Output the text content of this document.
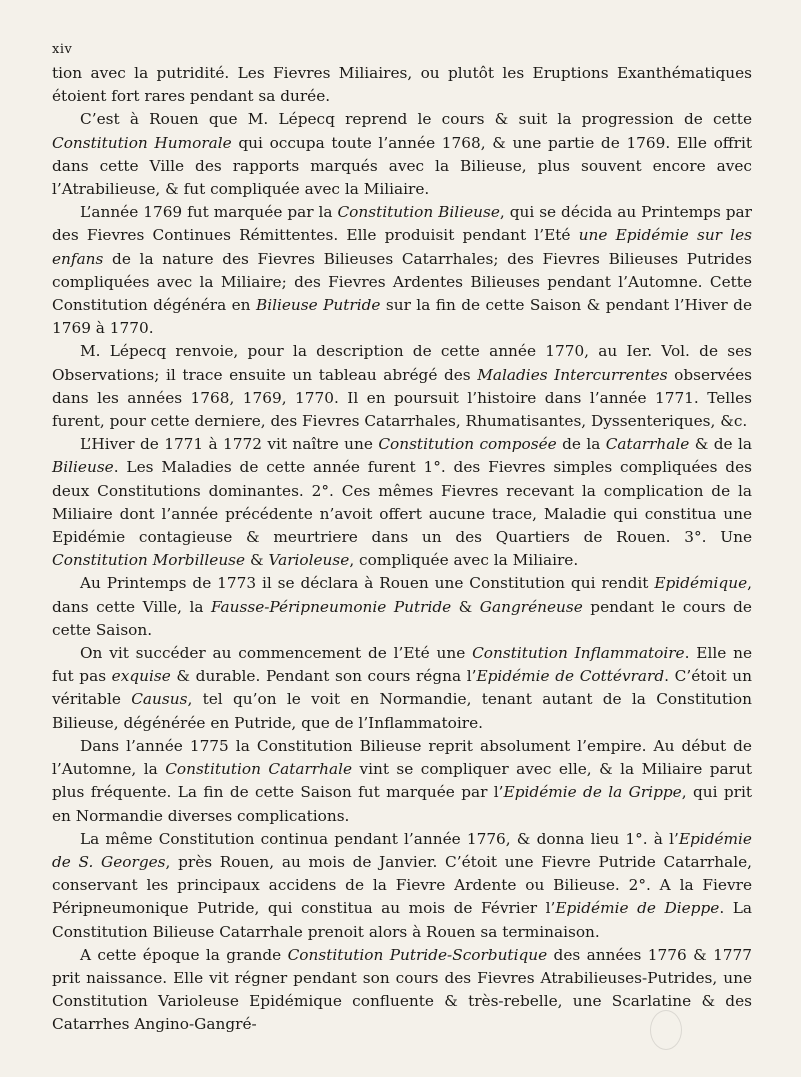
xiv

tion avec la putridité. Les Fievres Miliaires, ou plutôt les Eruptions Exanthématiques étoient fort rares pendant sa durée.

C’est à Rouen que M. Lépecq reprend le cours & suit la progression de cette Constitution Humorale qui occupa toute l’année 1768, & une partie de 1769. Elle offrit dans cette Ville des rapports marqués avec la Bilieuse, plus souvent encore avec l’Atrabilieuse, & fut compliquée avec la Miliaire.

L’année 1769 fut marquée par la Constitution Bilieuse, qui se décida au Printemps par des Fievres Continues Rémittentes. Elle produisit pendant l’Eté une Epidémie sur les enfans de la nature des Fievres Bilieuses Catarrhales; des Fievres Bilieuses Putrides compliquées avec la Miliaire; des Fievres Ardentes Bilieuses pendant l’Automne. Cette Constitution dégénéra en Bilieuse Putride sur la fin de cette Saison & pendant l’Hiver de 1769 à 1770.

M. Lépecq renvoie, pour la description de cette année 1770, au Ier. Vol. de ses Observations; il trace ensuite un tableau abrégé des Maladies Intercurrentes observées dans les années 1768, 1769, 1770. Il en poursuit l’histoire dans l’année 1771. Telles furent, pour cette derniere, des Fievres Catarrhales, Rhumatisantes, Dyssenteriques, &c.

L’Hiver de 1771 à 1772 vit naître une Constitution composée de la Catarrhale & de la Bilieuse. Les Maladies de cette année furent 1°. des Fievres simples compliquées des deux Constitutions dominantes. 2°. Ces mêmes Fievres recevant la complication de la Miliaire dont l’année précédente n’avoit offert aucune trace, Maladie qui constitua une Epidémie contagieuse & meurtriere dans un des Quartiers de Rouen. 3°. Une Constitution Morbilleuse & Varioleuse, compliquée avec la Miliaire.

Au Printemps de 1773 il se déclara à Rouen une Constitution qui rendit Epidémique, dans cette Ville, la Fausse-Péripneumonie Putride & Gangréneuse pendant le cours de cette Saison.

On vit succéder au commencement de l’Eté une Constitution Inflammatoire. Elle ne fut pas exquise & durable. Pendant son cours régna l’Epidémie de Cottévrard. C’étoit un véritable Causus, tel qu’on le voit en Normandie, tenant autant de la Constitution Bilieuse, dégénérée en Putride, que de l’Inflammatoire.

Dans l’année 1775 la Constitution Bilieuse reprit absolument l’empire. Au début de l’Automne, la Constitution Catarrhale vint se compliquer avec elle, & la Miliaire parut plus fréquente. La fin de cette Saison fut marquée par l’Epidémie de la Grippe, qui prit en Normandie diverses complications.

La même Constitution continua pendant l’année 1776, & donna lieu 1°. à l’Epidémie de S. Georges, près Rouen, au mois de Janvier. C’étoit une Fievre Putride Catarrhale, conservant les principaux accidens de la Fievre Ardente ou Bilieuse. 2°. A la Fievre Péripneumonique Putride, qui constitua au mois de Février l’Epidémie de Dieppe. La Constitution Bilieuse Catarrhale prenoit alors à Rouen sa terminaison.

A cette époque la grande Constitution Putride-Scorbutique des années 1776 & 1777 prit naissance. Elle vit régner pendant son cours des Fievres Atrabilieuses-Putrides, une Constitution Varioleuse Epidémique confluente & très-rebelle, une Scarlatine & des Catarrhes Angino-Gangré-
